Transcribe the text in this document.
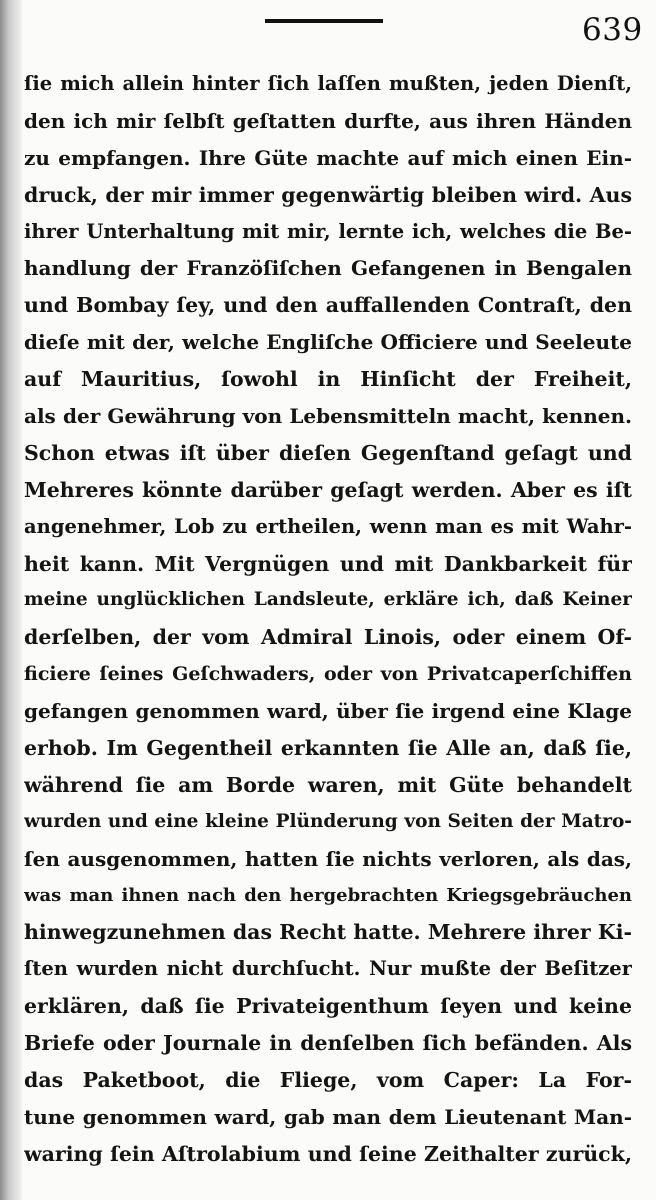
639
ſie mich allein hinter ſich laſſen mußten, jeden Dienſt,
den ich mir ſelbſt geſtatten durfte, aus ihren Händen
zu empfangen. Ihre Güte machte auf mich einen Ein-
druck, der mir immer gegenwärtig bleiben wird. Aus
ihrer Unterhaltung mit mir, lernte ich, welches die Be-
handlung der Franzöſiſchen Gefangenen in Bengalen
und Bombay ſey, und den auffallenden Contraſt, den
dieſe mit der, welche Engliſche Officiere und Seeleute
auf Mauritius, ſowohl in Hinſicht der Freiheit,
als der Gewährung von Lebensmitteln macht, kennen.
Schon etwas iſt über dieſen Gegenſtand geſagt und
Mehreres könnte darüber geſagt werden. Aber es iſt
angenehmer, Lob zu ertheilen, wenn man es mit Wahr-
heit kann. Mit Vergnügen und mit Dankbarkeit für
meine unglücklichen Landsleute, erkläre ich, daß Keiner
derſelben, der vom Admiral Linois, oder einem Of-
ficiere ſeines Geſchwaders, oder von Privatcaperſchiffen
gefangen genommen ward, über ſie irgend eine Klage
erhob. Im Gegentheil erkannten ſie Alle an, daß ſie,
während ſie am Borde waren, mit Güte behandelt
wurden und eine kleine Plünderung von Seiten der Matro-
ſen ausgenommen, hatten ſie nichts verloren, als das,
was man ihnen nach den hergebrachten Kriegsgebräuchen
hinwegzunehmen das Recht hatte. Mehrere ihrer Ki-
ſten wurden nicht durchſucht. Nur mußte der Beſitzer
erklären, daß ſie Privateigenthum ſeyen und keine
Briefe oder Journale in denſelben ſich befänden. Als
das Paketboot, die Fliege, vom Caper: La For-
tune genommen ward, gab man dem Lieutenant Man-
waring ſein Aſtrolabium und ſeine Zeithalter zurück,
